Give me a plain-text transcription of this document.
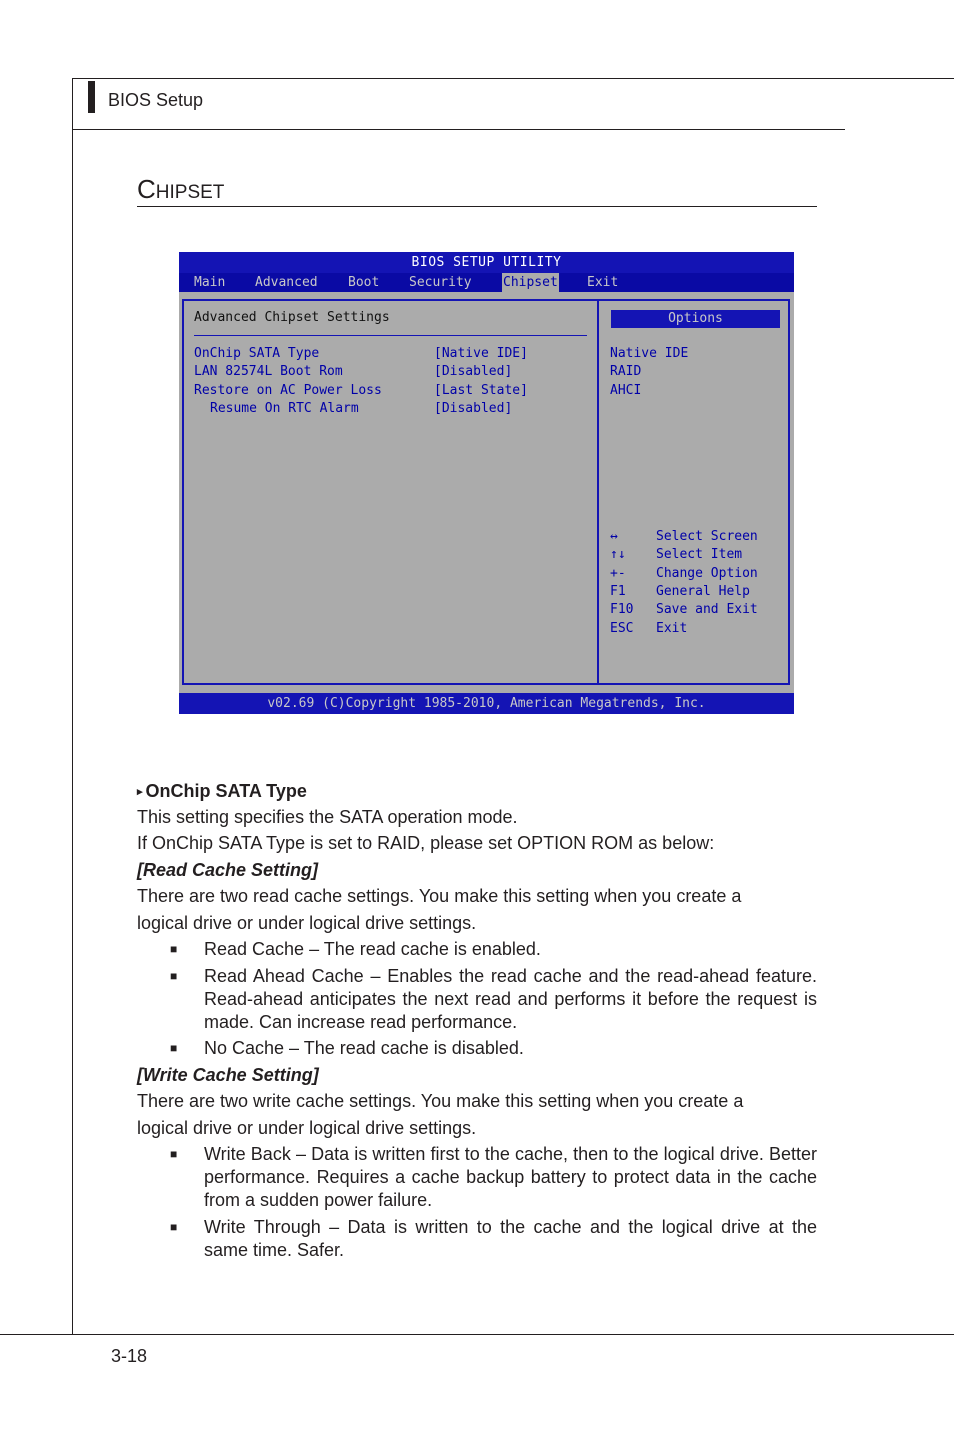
BIOS Setup
CHIPSET
BIOS SETUP UTILITY
Main Advanced Boot Security Chipset Exit
Advanced Chipset Settings
OnChip SATA Type	[Native IDE]
LAN 82574L Boot Rom	[Disabled]
Restore on AC Power Loss	[Last State]
Resume On RTC Alarm	[Disabled]
Options
Native IDE
RAID
AHCI
↔	Select Screen
↑↓ Select Item
+- Change Option
F1 General Help
F10 Save and Exit
ESC Exit
v02.69 (C)Copyright 1985-2010, American Megatrends, Inc.
▸ OnChip SATA Type
This setting specifies the SATA operation mode.
If OnChip SATA Type is set to RAID, please set OPTION ROM as below:
[Read Cache Setting]
There are two read cache settings. You make this setting when you create a
logical drive or under logical drive settings.
■ Read Cache – The read cache is enabled.
■ Read Ahead Cache – Enables the read cache and the read-ahead feature. Read-ahead anticipates the next read and performs it before the request is made. Can increase read performance.
■ No Cache – The read cache is disabled.
[Write Cache Setting]
There are two write cache settings. You make this setting when you create a
logical drive or under logical drive settings.
■ Write Back – Data is written first to the cache, then to the logical drive. Better performance. Requires a cache backup battery to protect data in the cache from a sudden power failure.
■ Write Through – Data is written to the cache and the logical drive at the same time. Safer.
3-18
